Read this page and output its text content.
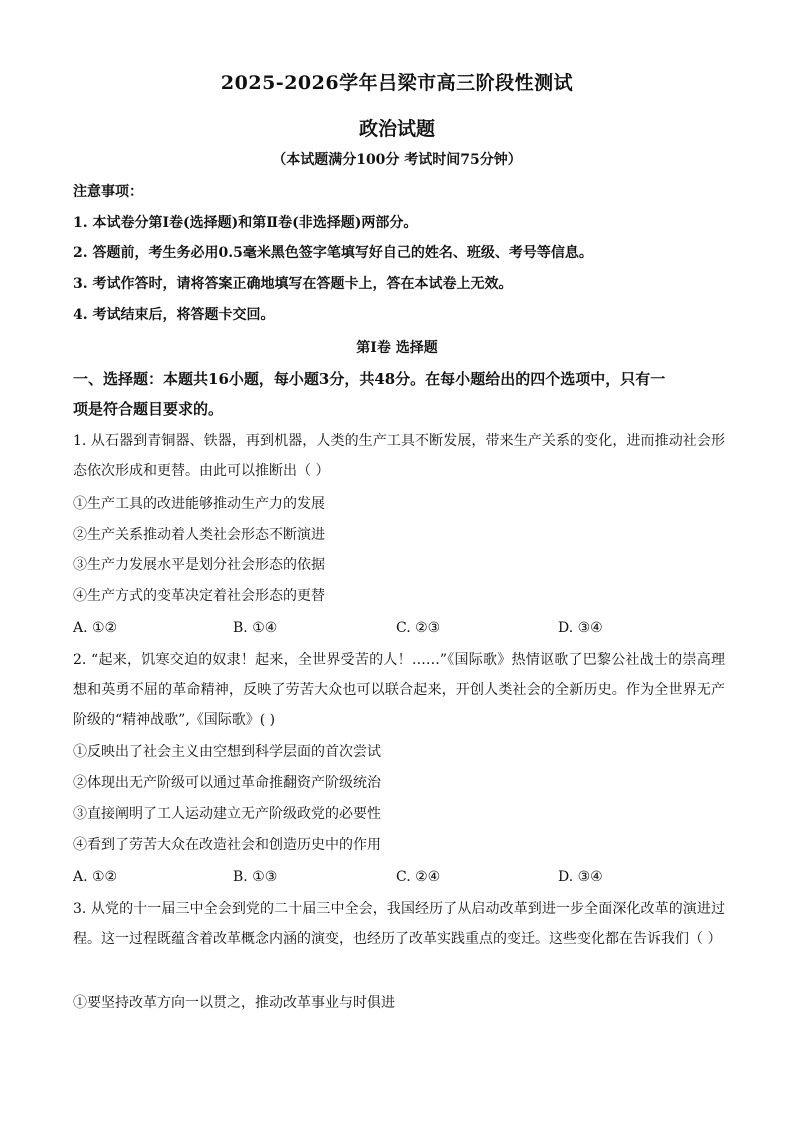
2025-2026学年吕梁市高三阶段性测试
政治试题
（本试题满分100分 考试时间75分钟）
注意事项：
1. 本试卷分第Ⅰ卷(选择题)和第Ⅱ卷(非选择题)两部分。
2. 答题前，考生务必用0.5毫米黑色签字笔填写好自己的姓名、班级、考号等信息。
3. 考试作答时，请将答案正确地填写在答题卡上，答在本试卷上无效。
4. 考试结束后，将答题卡交回。
第Ⅰ卷 选择题
一、选择题：本题共16小题，每小题3分，共48分。在每小题给出的四个选项中，只有一
项是符合题目要求的。
1. 从石器到青铜器、铁器，再到机器，人类的生产工具不断发展，带来生产关系的变化，进而推动社会形态依次形成和更替。由此可以推断出（ ）
①生产工具的改进能够推动生产力的发展
②生产关系推动着人类社会形态不断演进
③生产力发展水平是划分社会形态的依据
④生产方式的变革决定着社会形态的更替
A. ①②	B. ①④	C. ②③	D. ③④
2. “起来，饥寒交迫的奴隶！起来，全世界受苦的人！……”《国际歌》热情讴歌了巴黎公社战士的崇高理想和英勇不屈的革命精神，反映了劳苦大众也可以联合起来，开创人类社会的全新历史。作为全世界无产阶级的“精神战歌”,《国际歌》( )
①反映出了社会主义由空想到科学层面的首次尝试
②体现出无产阶级可以通过革命推翻资产阶级统治
③直接阐明了工人运动建立无产阶级政党的必要性
④看到了劳苦大众在改造社会和创造历史中的作用
A. ①②	B. ①③	C. ②④	D. ③④
3. 从党的十一届三中全会到党的二十届三中全会，我国经历了从启动改革到进一步全面深化改革的演进过程。这一过程既蕴含着改革概念内涵的演变，也经历了改革实践重点的变迁。这些变化都在告诉我们（ ）
①要坚持改革方向一以贯之，推动改革事业与时俱进
